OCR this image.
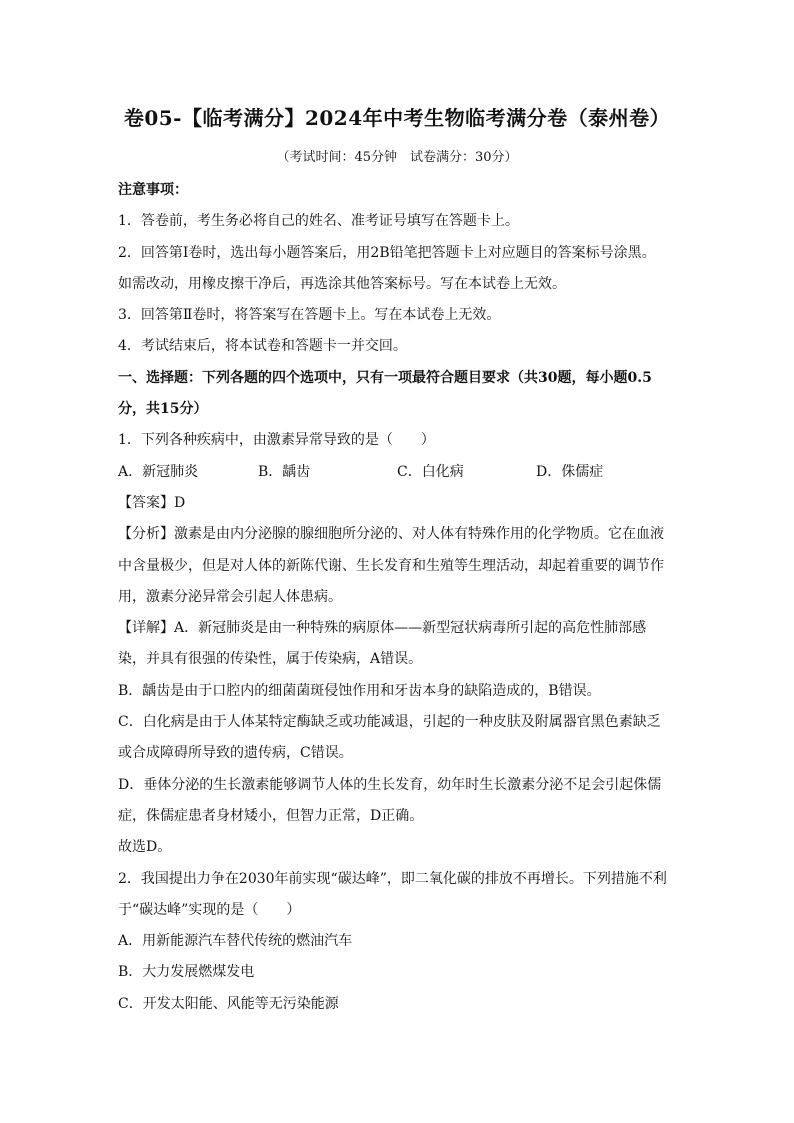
卷05-【临考满分】2024年中考生物临考满分卷（泰州卷）
（考试时间：45分钟　试卷满分：30分）
注意事项：
1．答卷前，考生务必将自己的姓名、准考证号填写在答题卡上。
2．回答第Ⅰ卷时，选出每小题答案后，用2B铅笔把答题卡上对应题目的答案标号涂黑。
如需改动，用橡皮擦干净后，再选涂其他答案标号。写在本试卷上无效。
3．回答第Ⅱ卷时，将答案写在答题卡上。写在本试卷上无效。
4．考试结束后，将本试卷和答题卡一并交回。
一、选择题：下列各题的四个选项中，只有一项最符合题目要求（共30题，每小题0.5
分，共15分）
1．下列各种疾病中，由激素异常导致的是（　　）
A．新冠肺炎	B．龋齿	C．白化病	D．侏儒症
【答案】D
【分析】激素是由内分泌腺的腺细胞所分泌的、对人体有特殊作用的化学物质。它在血液
中含量极少，但是对人体的新陈代谢、生长发育和生殖等生理活动，却起着重要的调节作
用，激素分泌异常会引起人体患病。
【详解】A．新冠肺炎是由一种特殊的病原体——新型冠状病毒所引起的高危性肺部感
染，并具有很强的传染性，属于传染病，A错误。
B．龋齿是由于口腔内的细菌菌斑侵蚀作用和牙齿本身的缺陷造成的，B错误。
C．白化病是由于人体某特定酶缺乏或功能减退，引起的一种皮肤及附属器官黑色素缺乏
或合成障碍所导致的遗传病，C错误。
D．垂体分泌的生长激素能够调节人体的生长发育，幼年时生长激素分泌不足会引起侏儒
症，侏儒症患者身材矮小，但智力正常，D正确。
故选D。
2．我国提出力争在2030年前实现“碳达峰”，即二氧化碳的排放不再增长。下列措施不利
于“碳达峰”实现的是（　　）
A．用新能源汽车替代传统的燃油汽车
B．大力发展燃煤发电
C．开发太阳能、风能等无污染能源
